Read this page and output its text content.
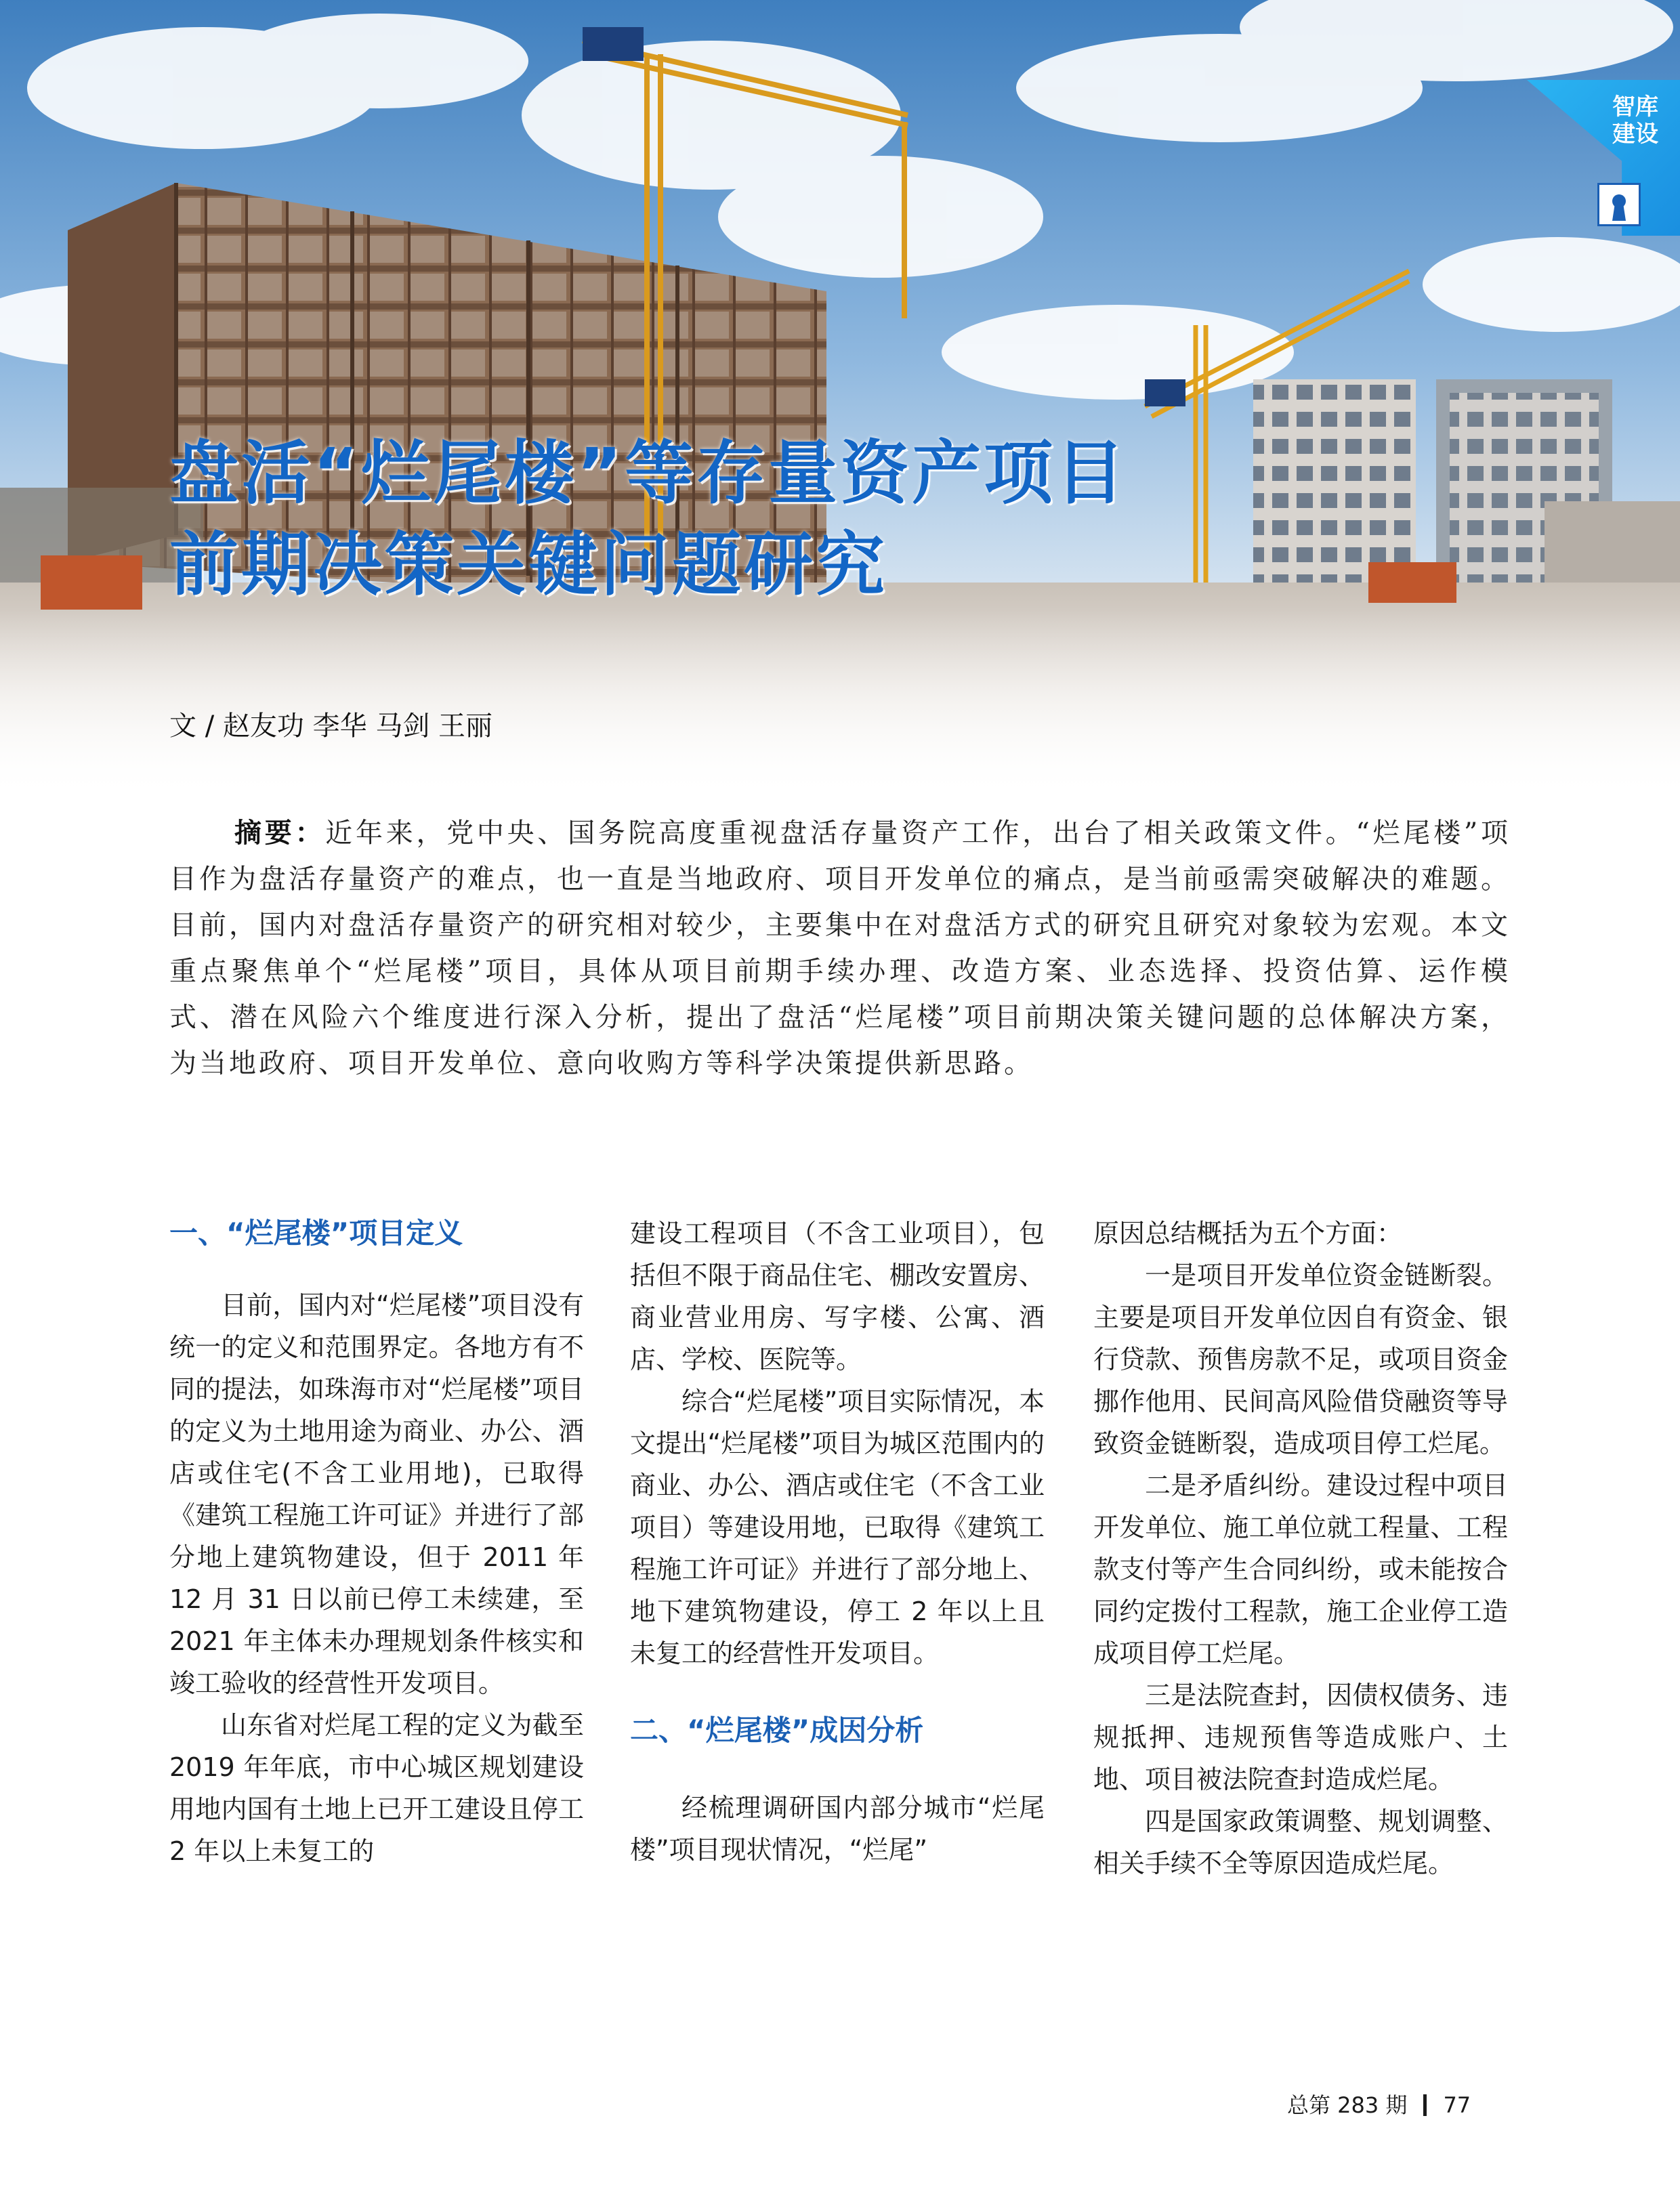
智库
建设
盘活“烂尾楼”等存量资产项目
前期决策关键问题研究
文 / 赵友功 李华 马剑 王丽
摘要：近年来，党中央、国务院高度重视盘活存量资产工作，出台了相关政策文件。“烂尾楼”项目作为盘活存量资产的难点，也一直是当地政府、项目开发单位的痛点，是当前亟需突破解决的难题。目前，国内对盘活存量资产的研究相对较少，主要集中在对盘活方式的研究且研究对象较为宏观。本文重点聚焦单个“烂尾楼”项目，具体从项目前期手续办理、改造方案、业态选择、投资估算、运作模式、潜在风险六个维度进行深入分析，提出了盘活“烂尾楼”项目前期决策关键问题的总体解决方案，为当地政府、项目开发单位、意向收购方等科学决策提供新思路。
一、“烂尾楼”项目定义

目前，国内对“烂尾楼”项目没有统一的定义和范围界定。各地方有不同的提法，如珠海市对“烂尾楼”项目的定义为土地用途为商业、办公、酒店或住宅(不含工业用地)，已取得《建筑工程施工许可证》并进行了部分地上建筑物建设，但于 2011 年 12 月 31 日以前已停工未续建，至 2021 年主体未办理规划条件核实和竣工验收的经营性开发项目。

山东省对烂尾工程的定义为截至 2019 年年底，市中心城区规划建设用地内国有土地上已开工建设且停工 2 年以上未复工的

建设工程项目（不含工业项目），包括但不限于商品住宅、棚改安置房、商业营业用房、写字楼、公寓、酒店、学校、医院等。

综合“烂尾楼”项目实际情况，本文提出“烂尾楼”项目为城区范围内的商业、办公、酒店或住宅（不含工业项目）等建设用地，已取得《建筑工程施工许可证》并进行了部分地上、地下建筑物建设，停工 2 年以上且未复工的经营性开发项目。

二、“烂尾楼”成因分析

经梳理调研国内部分城市“烂尾楼”项目现状情况，“烂尾”

原因总结概括为五个方面：

一是项目开发单位资金链断裂。主要是项目开发单位因自有资金、银行贷款、预售房款不足，或项目资金挪作他用、民间高风险借贷融资等导致资金链断裂，造成项目停工烂尾。

二是矛盾纠纷。建设过程中项目开发单位、施工单位就工程量、工程款支付等产生合同纠纷，或未能按合同约定拨付工程款，施工企业停工造成项目停工烂尾。

三是法院查封，因债权债务、违规抵押、违规预售等造成账户、土地、项目被法院查封造成烂尾。

四是国家政策调整、规划调整、相关手续不全等原因造成烂尾。

总第 283 期 77
